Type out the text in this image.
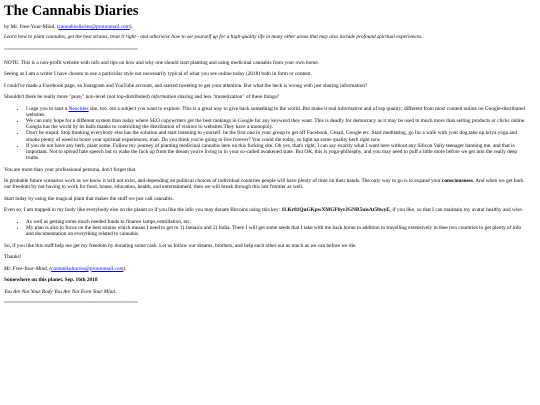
The Cannabis Diaries

by Mr. Free-Your-Mind, (cannabisdiaries@protonmail.com).

Learn how to plant cannabis, get the best strains, treat it right - and otherwise how to set yourself up for a high-quality life in many other areas that may also include profound spiritual experiences.

================================================

NOTE: This is a non-profit website with info and tips on how and why one should start planting and using medicinal cannabis from your own home.

Seeing as I am a writer I have chosen to use a particular style not necessarily typical of what you see online today (2018) both in form or content.

I could've made a Facebook page, an Instagram and YouTube account, and started tweeting to get your attention. But what the heck is wrong with just sharing information?

Shouldn't there be really more "pure," non-level (not top-distributed) information sharing and less "monetization" of these things?

• I urge you to start a Neocities site, too, om a subject you want to explore. This is a great way to give back something to the world. But make it real informative and of top quality; different from most content online on Google-distributed websites.
• We can only hope for a different system than today where SEO copywriters get the best rankings in Google for any keyword they want. This is deadly for democracy as it may be used to much more than selling products or clicks online. Googla has the world by its balls thanks to controlling the distribution of visitors to websites.They have a monopoly.
• Don't be stupid. Stop thinking everybody else has the solution and start listening to yourself. be the first one in your group to get off Facebook, Gmail, Google etc. Start meditating, go for a walk with your dog,take up kriya yoga and smoke plenty of weed to boost your spiritual experiences, man. Do you think you're going to live forever? You could die today, so light up some quality herb right now.
• If you do not have any herb, plant some. Follow my journey of planting medicinal cannabis here on this fucking site. Oh yes, that's right, I can say exactly what I want here without any Silicon Vally teenager banning me. and that is important. Not to spread hate speech but to wake the fuck up from the dream you're living in in your so-called awakened state. But OK, this is yoga-philosphy, and you may need to puff a little more before we get into the really deep truths.

You are more than your professional persona, don't forget that.

In probable future scenarios work as we know it will not exist, and depending on political choices of individual countries people will have plenty of time on their hands. The only way to go is to expand your consciousness. And when we get back our freedom by not having to work for food, house, education, health, and entertainment, then we will break through this last frontier as well.

Start today by using the magical plant that makes the stuff we just call cannabis.

Even so, I am trapped in my body like everybody else on the planet so if you like the info you may donate Bitcoins using this key: 1LKr81QuGKpwXMGF6yrJGNR5uisAt58wyE, if you like, so that I can maintain my avatar healthy and wise.

• As well as getting some much needed funds to finance lamps,ventillation, etc.
• My plan is also to focus on the best strains which means I need to get to 1) Jamaica and 2) India. There I will get some seeds that I take with me back home in addition to travelling extensively in thee two countries to get plenty of info and documentation on everything related to cannabis.

So, if you like this staff help me get my freedom by donating some cash. Let us follow our dreams, brothers, and help each other out as much as we can before we die.

Thanks!

Mr. Free-Your-Mind, (cannabisdiaries@protonmail.com).

Somewhere on this planet, Sep. 16th 2018

You Are Not Your Body You Are Not Even Your Mind.

================================================
